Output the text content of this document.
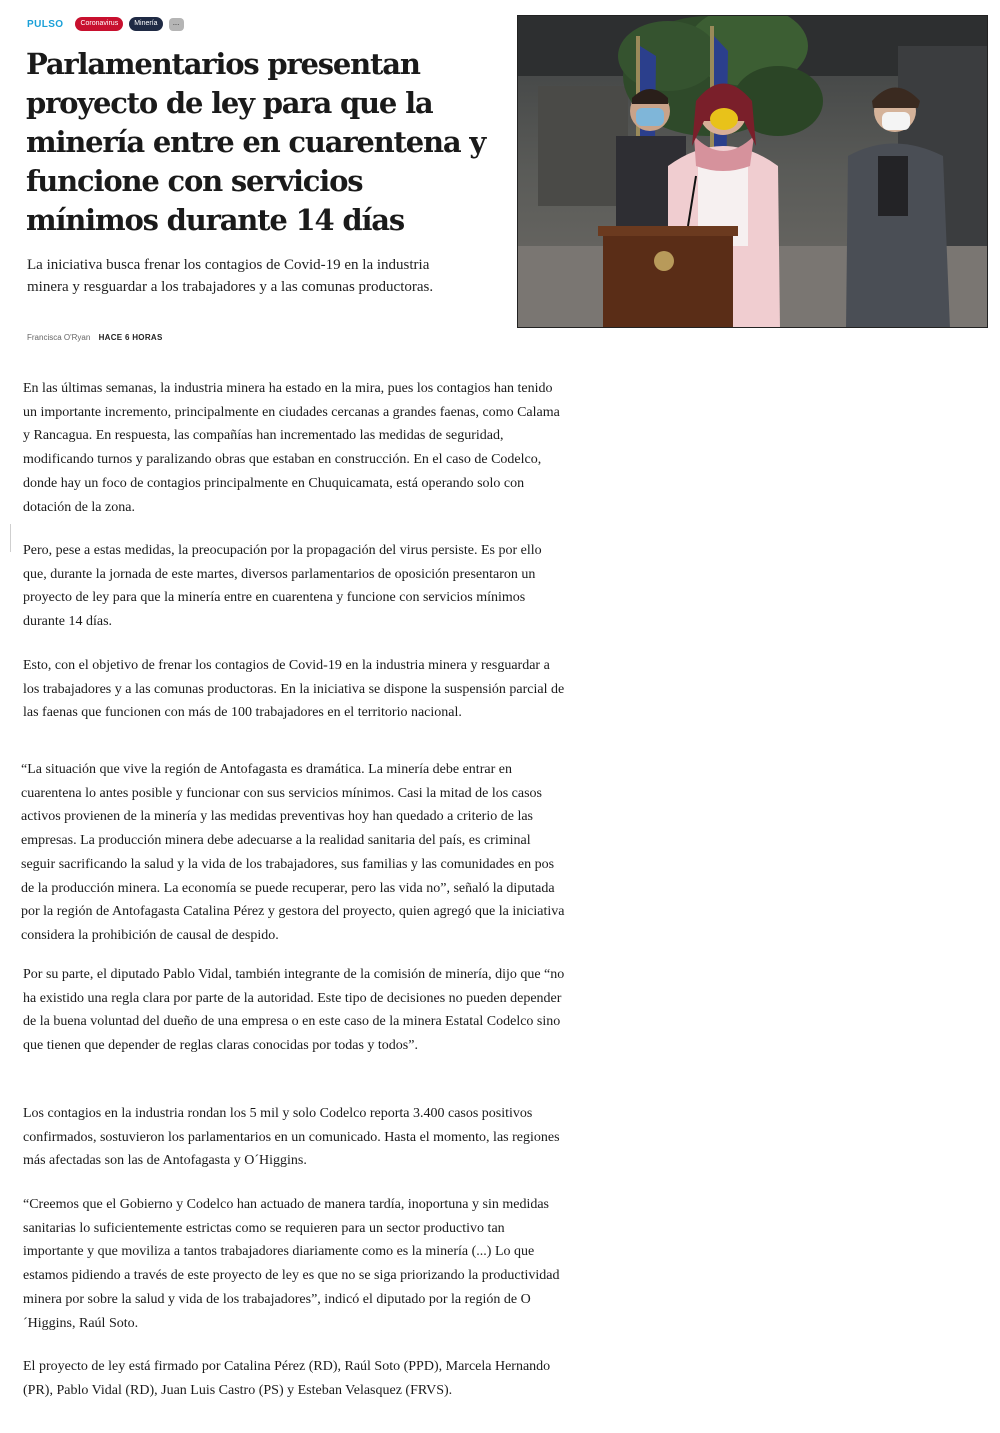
PULSO	Coronavirus	Minería	...
Parlamentarios presentan proyecto de ley para que la minería entre en cuarentena y funcione con servicios mínimos durante 14 días

La iniciativa busca frenar los contagios de Covid-19 en la industria minera y resguardar a los trabajadores y a las comunas productoras.

Francisca O'Ryan HACE 6 HORAS

En las últimas semanas, la industria minera ha estado en la mira, pues los contagios han tenido un importante incremento, principalmente en ciudades cercanas a grandes faenas, como Calama y Rancagua. En respuesta, las compañías han incrementado las medidas de seguridad, modificando turnos y paralizando obras que estaban en construcción. En el caso de Codelco, donde hay un foco de contagios principalmente en Chuquicamata, está operando solo con dotación de la zona.

Pero, pese a estas medidas, la preocupación por la propagación del virus persiste. Es por ello que, durante la jornada de este martes, diversos parlamentarios de oposición presentaron un proyecto de ley para que la minería entre en cuarentena y funcione con servicios mínimos durante 14 días.

Esto, con el objetivo de frenar los contagios de Covid-19 en la industria minera y resguardar a los trabajadores y a las comunas productoras. En la iniciativa se dispone la suspensión parcial de las faenas que funcionen con más de 100 trabajadores en el territorio nacional.

“La situación que vive la región de Antofagasta es dramática. La minería debe entrar en cuarentena lo antes posible y funcionar con sus servicios mínimos. Casi la mitad de los casos activos provienen de la minería y las medidas preventivas hoy han quedado a criterio de las empresas. La producción minera debe adecuarse a la realidad sanitaria del país, es criminal seguir sacrificando la salud y la vida de los trabajadores, sus familias y las comunidades en pos de la producción minera. La economía se puede recuperar, pero las vida no”, señaló la diputada por la región de Antofagasta Catalina Pérez y gestora del proyecto, quien agregó que la iniciativa considera la prohibición de causal de despido.

Por su parte, el diputado Pablo Vidal, también integrante de la comisión de minería, dijo que “no ha existido una regla clara por parte de la autoridad. Este tipo de decisiones no pueden depender de la buena voluntad del dueño de una empresa o en este caso de la minera Estatal Codelco sino que tienen que depender de reglas claras conocidas por todas y todos”.

Los contagios en la industria rondan los 5 mil y solo Codelco reporta 3.400 casos positivos confirmados, sostuvieron los parlamentarios en un comunicado. Hasta el momento, las regiones más afectadas son las de Antofagasta y O´Higgins.

“Creemos que el Gobierno y Codelco han actuado de manera tardía, inoportuna y sin medidas sanitarias lo suficientemente estrictas como se requieren para un sector productivo tan importante y que moviliza a tantos trabajadores diariamente como es la minería (...) Lo que estamos pidiendo a través de este proyecto de ley es que no se siga priorizando la productividad minera por sobre la salud y vida de los trabajadores”, indicó el diputado por la región de O´Higgins, Raúl Soto.

El proyecto de ley está firmado por Catalina Pérez (RD), Raúl Soto (PPD), Marcela Hernando (PR), Pablo Vidal (RD), Juan Luis Castro (PS) y Esteban Velasquez (FRVS).
